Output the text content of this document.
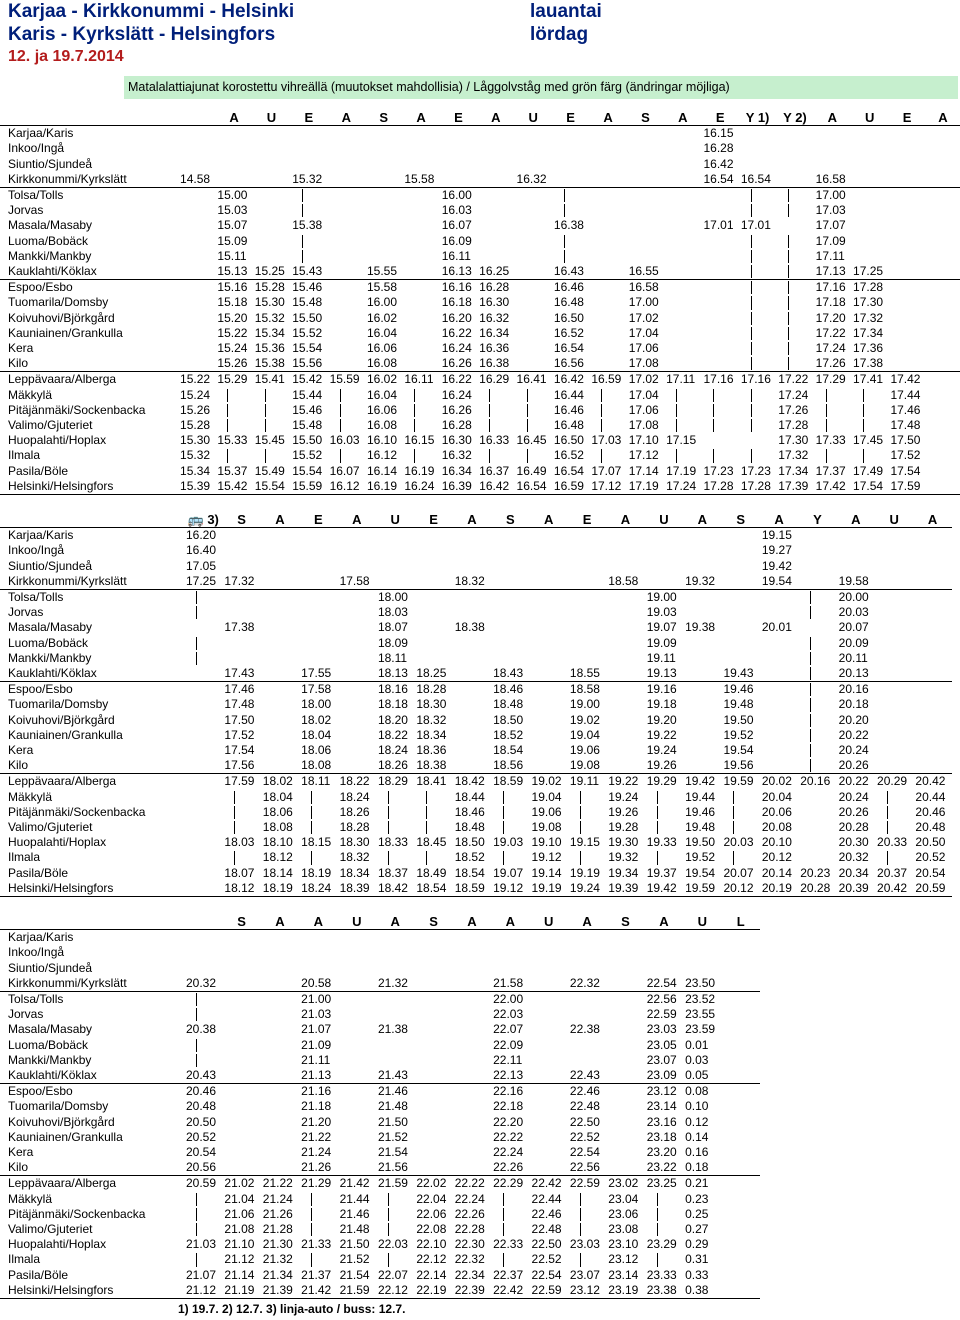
Karjaa - Kirkkonummi - Helsinki
Karis - Kyrkslätt - Helsingfors
12. ja 19.7.2014
lauantai
lördag
Matalalattiajunat korostettu vihreällä (muutokset mahdollisia) / Låggolvståg med grön färg (ändringar möjliga)
		A	U	E	A	S	A	E	A	U	E	A	S	A	E	Y 1)	Y 2)	A	U	E	A
Karjaa/Karis															16.15						
Inkoo/Ingå															16.28						
Siuntio/Sjundeå															16.42						
Kirkkonummi/Kyrkslätt	14.58			15.32			15.58			16.32					16.54	16.54		16.58			
Tolsa/Tolls		15.00						16.00										17.00			
Jorvas		15.03						16.03										17.03			
Masala/Masaby		15.07		15.38				16.07			16.38				17.01	17.01		17.07			
Luoma/Bobäck		15.09						16.09										17.09			
Mankki/Mankby		15.11						16.11										17.11			
Kauklahti/Köklax		15.13	15.25	15.43		15.55		16.13	16.25		16.43		16.55					17.13	17.25		
Espoo/Esbo		15.16	15.28	15.46		15.58		16.16	16.28		16.46		16.58					17.16	17.28		
Tuomarila/Domsby		15.18	15.30	15.48		16.00		16.18	16.30		16.48		17.00					17.18	17.30		
Koivuhovi/Björkgård		15.20	15.32	15.50		16.02		16.20	16.32		16.50		17.02					17.20	17.32		
Kauniainen/Grankulla		15.22	15.34	15.52		16.04		16.22	16.34		16.52		17.04					17.22	17.34		
Kera		15.24	15.36	15.54		16.06		16.24	16.36		16.54		17.06					17.24	17.36		
Kilo		15.26	15.38	15.56		16.08		16.26	16.38		16.56		17.08					17.26	17.38		
Leppävaara/Alberga	15.22	15.29	15.41	15.42	15.59	16.02	16.11	16.22	16.29	16.41	16.42	16.59	17.02	17.11	17.16	17.16	17.22	17.29	17.41	17.42	
Mäkkylä	15.24			15.44		16.04		16.24			16.44		17.04				17.24			17.44	
Pitäjänmäki/Sockenbacka	15.26			15.46		16.06		16.26			16.46		17.06				17.26			17.46	
Valimo/Gjuteriet	15.28			15.48		16.08		16.28			16.48		17.08				17.28			17.48	
Huopalahti/Hoplax	15.30	15.33	15.45	15.50	16.03	16.10	16.15	16.30	16.33	16.45	16.50	17.03	17.10	17.15			17.30	17.33	17.45	17.50	
Ilmala	15.32			15.52		16.12		16.32			16.52		17.12				17.32			17.52	
Pasila/Böle	15.34	15.37	15.49	15.54	16.07	16.14	16.19	16.34	16.37	16.49	16.54	17.07	17.14	17.19	17.23	17.23	17.34	17.37	17.49	17.54	
Helsinki/Helsingfors	15.39	15.42	15.54	15.59	16.12	16.19	16.24	16.39	16.42	16.54	16.59	17.12	17.19	17.24	17.28	17.28	17.39	17.42	17.54	17.59	
	🚌 3)	S	A	E	A	U	E	A	S	A	E	A	U	A	S	A	Y	A	U	A
Karjaa/Karis	16.20															19.15				
Inkoo/Ingå	16.40															19.27				
Siuntio/Sjundeå	17.05															19.42				
Kirkkonummi/Kyrkslätt	17.25	17.32			17.58			18.32				18.58		19.32		19.54		19.58		
Tolsa/Tolls						18.00							19.00					20.00		
Jorvas						18.03							19.03					20.03		
Masala/Masaby		17.38				18.07		18.38					19.07	19.38		20.01		20.07		
Luoma/Bobäck						18.09							19.09					20.09		
Mankki/Mankby						18.11							19.11					20.11		
Kauklahti/Köklax		17.43		17.55		18.13	18.25		18.43		18.55		19.13		19.43			20.13		
Espoo/Esbo		17.46		17.58		18.16	18.28		18.46		18.58		19.16		19.46			20.16		
Tuomarila/Domsby		17.48		18.00		18.18	18.30		18.48		19.00		19.18		19.48			20.18		
Koivuhovi/Björkgård		17.50		18.02		18.20	18.32		18.50		19.02		19.20		19.50			20.20		
Kauniainen/Grankulla		17.52		18.04		18.22	18.34		18.52		19.04		19.22		19.52			20.22		
Kera		17.54		18.06		18.24	18.36		18.54		19.06		19.24		19.54			20.24		
Kilo		17.56		18.08		18.26	18.38		18.56		19.08		19.26		19.56			20.26		
Leppävaara/Alberga		17.59	18.02	18.11	18.22	18.29	18.41	18.42	18.59	19.02	19.11	19.22	19.29	19.42	19.59	20.02	20.16	20.22	20.29	20.42
Mäkkylä			18.04		18.24			18.44		19.04		19.24		19.44		20.04		20.24		20.44
Pitäjänmäki/Sockenbacka			18.06		18.26			18.46		19.06		19.26		19.46		20.06		20.26		20.46
Valimo/Gjuteriet			18.08		18.28			18.48		19.08		19.28		19.48		20.08		20.28		20.48
Huopalahti/Hoplax		18.03	18.10	18.15	18.30	18.33	18.45	18.50	19.03	19.10	19.15	19.30	19.33	19.50	20.03	20.10		20.30	20.33	20.50
Ilmala			18.12		18.32			18.52		19.12		19.32		19.52		20.12		20.32		20.52
Pasila/Böle		18.07	18.14	18.19	18.34	18.37	18.49	18.54	19.07	19.14	19.19	19.34	19.37	19.54	20.07	20.14	20.23	20.34	20.37	20.54
Helsinki/Helsingfors		18.12	18.19	18.24	18.39	18.42	18.54	18.59	19.12	19.19	19.24	19.39	19.42	19.59	20.12	20.19	20.28	20.39	20.42	20.59
		S	A	A	U	A	S	A	A	U	A	S	A	U	L
Karjaa/Karis															
Inkoo/Ingå															
Siuntio/Sjundeå															
Kirkkonummi/Kyrkslätt	20.32			20.58		21.32			21.58		22.32		22.54	23.50	
Tolsa/Tolls				21.00					22.00				22.56	23.52	
Jorvas				21.03					22.03				22.59	23.55	
Masala/Masaby	20.38			21.07		21.38			22.07		22.38		23.03	23.59	
Luoma/Bobäck				21.09					22.09				23.05	0.01	
Mankki/Mankby				21.11					22.11				23.07	0.03	
Kauklahti/Köklax	20.43			21.13		21.43			22.13		22.43		23.09	0.05	
Espoo/Esbo	20.46			21.16		21.46			22.16		22.46		23.12	0.08	
Tuomarila/Domsby	20.48			21.18		21.48			22.18		22.48		23.14	0.10	
Koivuhovi/Björkgård	20.50			21.20		21.50			22.20		22.50		23.16	0.12	
Kauniainen/Grankulla	20.52			21.22		21.52			22.22		22.52		23.18	0.14	
Kera	20.54			21.24		21.54			22.24		22.54		23.20	0.16	
Kilo	20.56			21.26		21.56			22.26		22.56		23.22	0.18	
Leppävaara/Alberga	20.59	21.02	21.22	21.29	21.42	21.59	22.02	22.22	22.29	22.42	22.59	23.02	23.25	0.21	
Mäkkylä		21.04	21.24		21.44		22.04	22.24		22.44		23.04		0.23	
Pitäjänmäki/Sockenbacka		21.06	21.26		21.46		22.06	22.26		22.46		23.06		0.25	
Valimo/Gjuteriet		21.08	21.28		21.48		22.08	22.28		22.48		23.08		0.27	
Huopalahti/Hoplax	21.03	21.10	21.30	21.33	21.50	22.03	22.10	22.30	22.33	22.50	23.03	23.10	23.29	0.29	
Ilmala		21.12	21.32		21.52		22.12	22.32		22.52		23.12		0.31	
Pasila/Böle	21.07	21.14	21.34	21.37	21.54	22.07	22.14	22.34	22.37	22.54	23.07	23.14	23.33	0.33	
Helsinki/Helsingfors	21.12	21.19	21.39	21.42	21.59	22.12	22.19	22.39	22.42	22.59	23.12	23.19	23.38	0.38	
1) 19.7. 2) 12.7. 3) linja-auto / buss: 12.7.
